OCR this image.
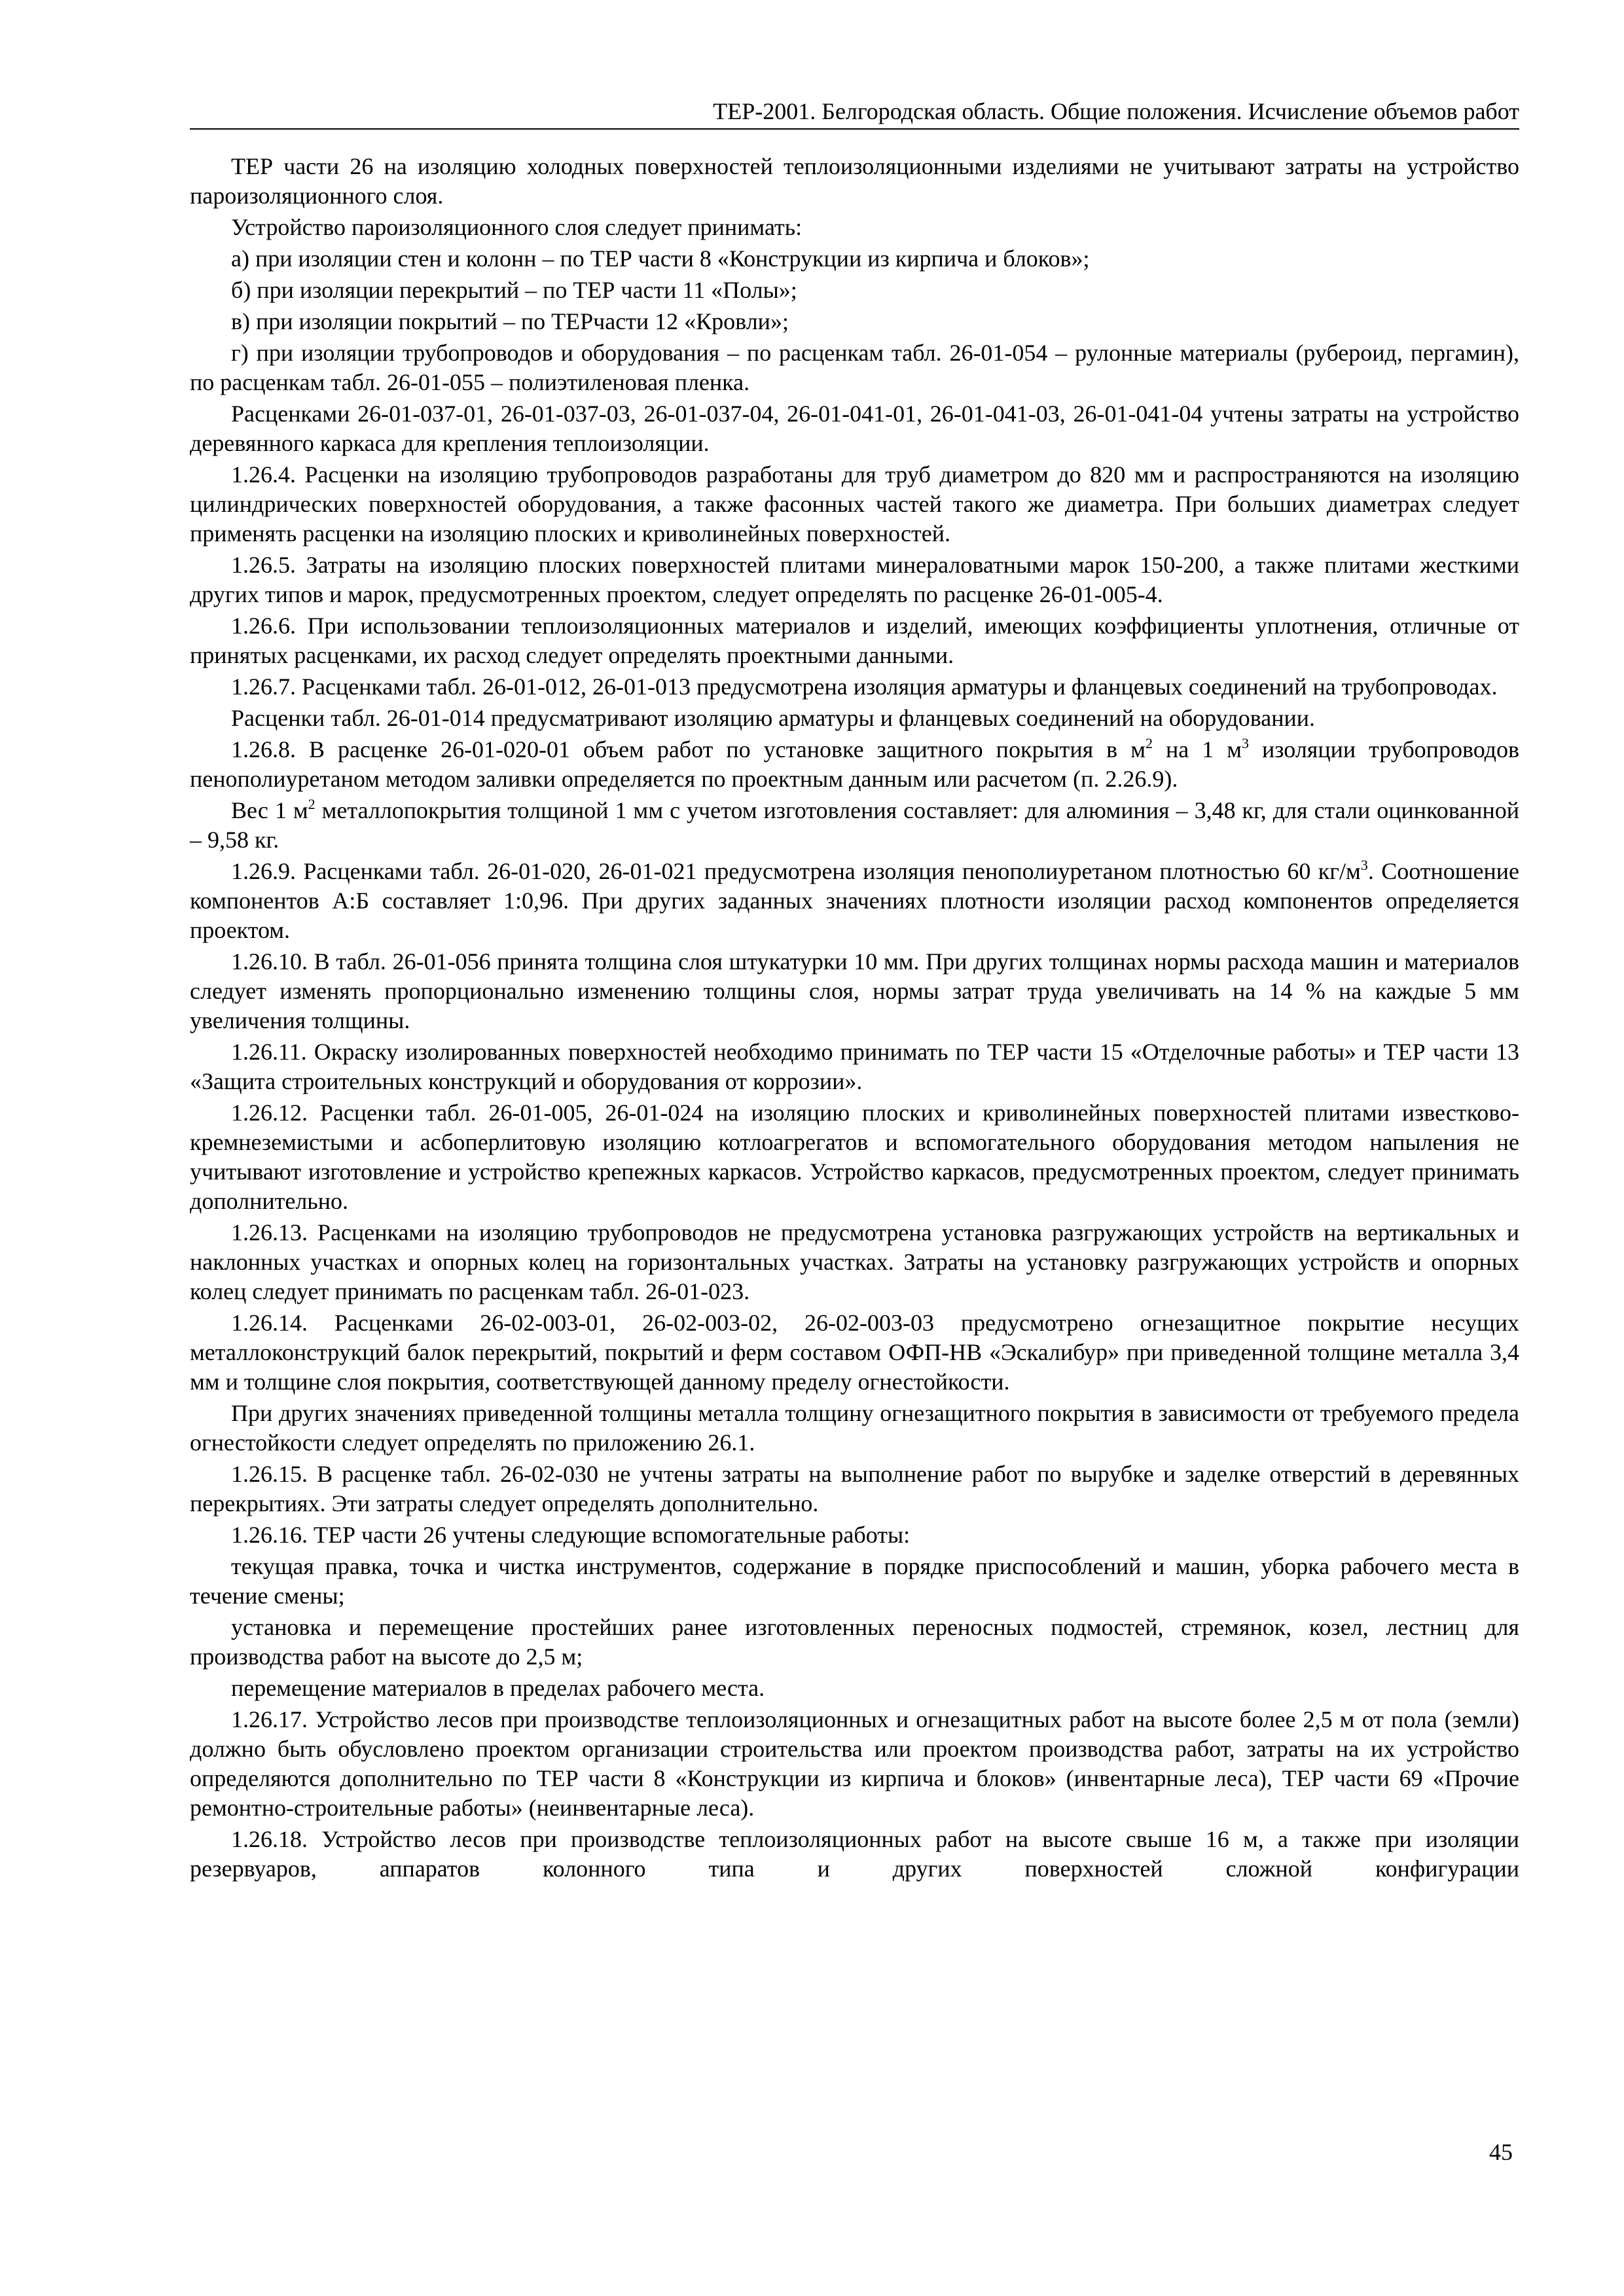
ТЕР-2001. Белгородская область. Общие положения. Исчисление объемов работ

ТЕР части 26 на изоляцию холодных поверхностей теплоизоляционными изделиями не учитывают затраты на устройство пароизоляционного слоя.

Устройство пароизоляционного слоя следует принимать:

а) при изоляции стен и колонн – по ТЕР части 8 «Конструкции из кирпича и блоков»;

б) при изоляции перекрытий – по ТЕР части 11 «Полы»;

в) при изоляции покрытий – по ТЕРчасти 12 «Кровли»;

г) при изоляции трубопроводов и оборудования – по расценкам табл. 26-01-054 – рулонные материалы (рубероид, пергамин), по расценкам табл. 26-01-055 – полиэтиленовая пленка.

Расценками 26-01-037-01, 26-01-037-03, 26-01-037-04, 26-01-041-01, 26-01-041-03, 26-01-041-04 учтены затраты на устройство деревянного каркаса для крепления теплоизоляции.

1.26.4. Расценки на изоляцию трубопроводов разработаны для труб диаметром до 820 мм и распространяются на изоляцию цилиндрических поверхностей оборудования, а также фасонных частей такого же диаметра. При больших диаметрах следует применять расценки на изоляцию плоских и криволинейных поверхностей.

1.26.5. Затраты на изоляцию плоских поверхностей плитами минераловатными марок 150-200, а также плитами жесткими других типов и марок, предусмотренных проектом, следует определять по расценке 26-01-005-4.

1.26.6. При использовании теплоизоляционных материалов и изделий, имеющих коэффициенты уплотнения, отличные от принятых расценками, их расход следует определять проектными данными.

1.26.7. Расценками табл. 26-01-012, 26-01-013 предусмотрена изоляция арматуры и фланцевых соединений на трубопроводах.

Расценки табл. 26-01-014 предусматривают изоляцию арматуры и фланцевых соединений на оборудовании.

1.26.8. В расценке 26-01-020-01 объем работ по установке защитного покрытия в $м^2$ на 1 $м^3$ изоляции трубопроводов пенополиуретаном методом заливки определяется по проектным данным или расчетом (п. 2.26.9).

Вес 1 $м^2$ металлопокрытия толщиной 1 мм с учетом изготовления составляет: для алюминия – 3,48 кг, для стали оцинкованной – 9,58 кг.

1.26.9. Расценками табл. 26-01-020, 26-01-021 предусмотрена изоляция пенополиуретаном плотностью 60 $кг/м^3$. Соотношение компонентов А:Б составляет 1:0,96. При других заданных значениях плотности изоляции расход компонентов определяется проектом.

1.26.10. В табл. 26-01-056 принята толщина слоя штукатурки 10 мм. При других толщинах нормы расхода машин и материалов следует изменять пропорционально изменению толщины слоя, нормы затрат труда увеличивать на 14 % на каждые 5 мм увеличения толщины.

1.26.11. Окраску изолированных поверхностей необходимо принимать по ТЕР части 15 «Отделочные работы» и ТЕР части 13 «Защита строительных конструкций и оборудования от коррозии».

1.26.12. Расценки табл. 26-01-005, 26-01-024 на изоляцию плоских и криволинейных поверхностей плитами известково-кремнеземистыми и асбоперлитовую изоляцию котлоагрегатов и вспомогательного оборудования методом напыления не учитывают изготовление и устройство крепежных каркасов. Устройство каркасов, предусмотренных проектом, следует принимать дополнительно.

1.26.13. Расценками на изоляцию трубопроводов не предусмотрена установка разгружающих устройств на вертикальных и наклонных участках и опорных колец на горизонтальных участках. Затраты на установку разгружающих устройств и опорных колец следует принимать по расценкам табл. 26-01-023.

1.26.14. Расценками 26-02-003-01, 26-02-003-02, 26-02-003-03 предусмотрено огнезащитное покрытие несущих металлоконструкций балок перекрытий, покрытий и ферм составом ОФП-НВ «Эскалибур» при приведенной толщине металла 3,4 мм и толщине слоя покрытия, соответствующей данному пределу огнестойкости.

При других значениях приведенной толщины металла толщину огнезащитного покрытия в зависимости от требуемого предела огнестойкости следует определять по приложению 26.1.

1.26.15. В расценке табл. 26-02-030 не учтены затраты на выполнение работ по вырубке и заделке отверстий в деревянных перекрытиях. Эти затраты следует определять дополнительно.

1.26.16. ТЕР части 26 учтены следующие вспомогательные работы:

текущая правка, точка и чистка инструментов, содержание в порядке приспособлений и машин, уборка рабочего места в течение смены;

установка и перемещение простейших ранее изготовленных переносных подмостей, стремянок, козел, лестниц для производства работ на высоте до 2,5 м;

перемещение материалов в пределах рабочего места.

1.26.17. Устройство лесов при производстве теплоизоляционных и огнезащитных работ на высоте более 2,5 м от пола (земли) должно быть обусловлено проектом организации строительства или проектом производства работ, затраты на их устройство определяются дополнительно по ТЕР части 8 «Конструкции из кирпича и блоков» (инвентарные леса), ТЕР части 69 «Прочие ремонтно-строительные работы» (неинвентарные леса).

1.26.18. Устройство лесов при производстве теплоизоляционных работ на высоте свыше 16 м, а также при изоляции резервуаров, аппаратов колонного типа и других поверхностей сложной конфигурации

45
